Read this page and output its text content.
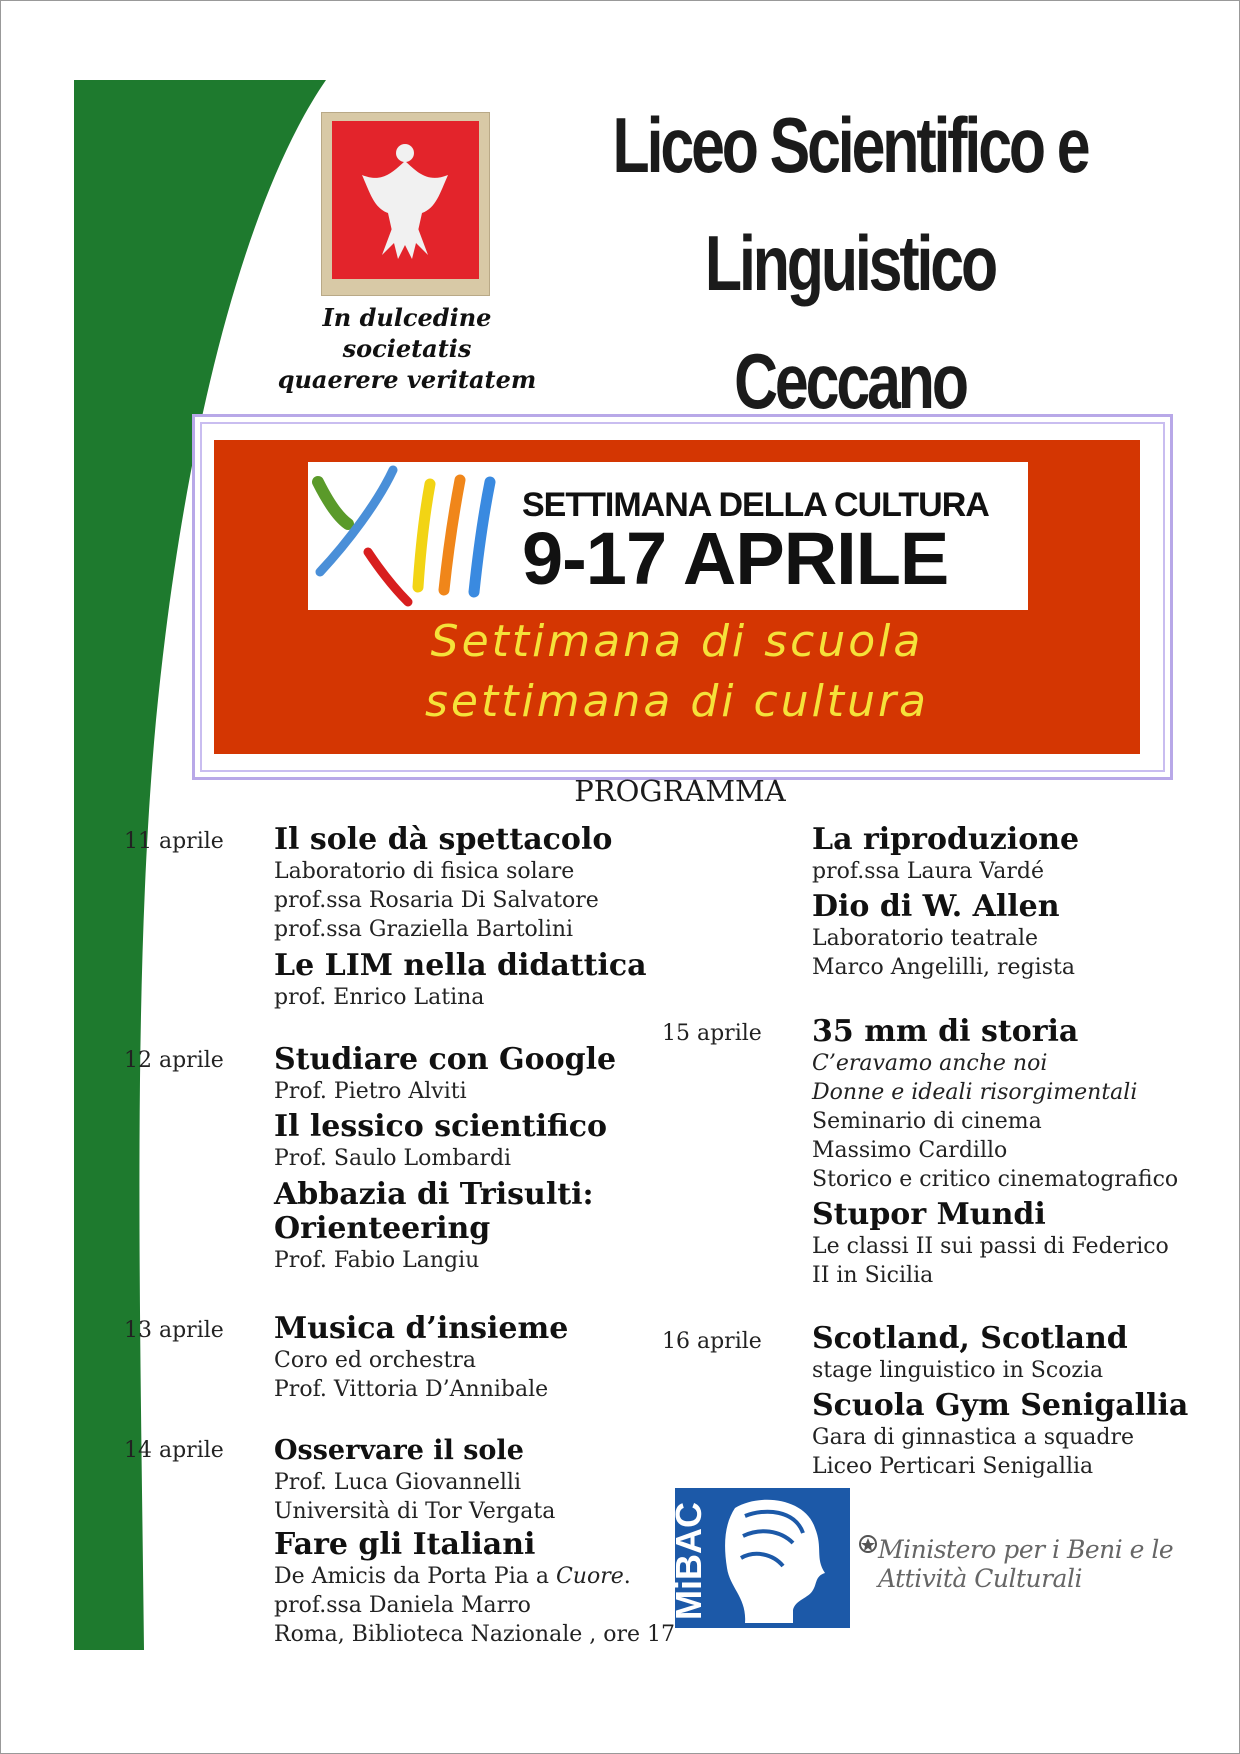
In dulcedine societatis
quaerere veritatem
Liceo Scientifico e Linguistico
Ceccano
SETTIMANA DELLA CULTURA
9-17 APRILE
Settimana di scuola
settimana di cultura
PROGRAMMA
11 aprile Il sole dà spettacolo
Laboratorio di fisica solare
prof.ssa Rosaria Di Salvatore
prof.ssa Graziella Bartolini
Le LIM nella didattica
prof. Enrico Latina
12 aprile Studiare con Google
Prof. Pietro Alviti
Il lessico scientifico
Prof. Saulo Lombardi
Abbazia di Trisulti:
Orienteering
Prof. Fabio Langiu
13 aprile Musica d’insieme
Coro ed orchestra
Prof. Vittoria D’Annibale
14 aprile Osservare il sole
Prof. Luca Giovannelli
Università di Tor Vergata
Fare gli Italiani
De Amicis da Porta Pia a Cuore.
prof.ssa Daniela Marro
Roma, Biblioteca Nazionale , ore 17
La riproduzione
prof.ssa Laura Vardé
Dio di W. Allen
Laboratorio teatrale
Marco Angelilli, regista
15 aprile 35 mm di storia
C’eravamo anche noi
Donne e ideali risorgimentali
Seminario di cinema
Massimo Cardillo
Storico e critico cinematografico
Stupor Mundi
Le classi II sui passi di Federico
II in Sicilia
16 aprile Scotland, Scotland
stage linguistico in Scozia
Scuola Gym Senigallia
Gara di ginnastica a squadre
Liceo Perticari Senigallia
MiBAC	Ministero per i Beni e le Attività Culturali
